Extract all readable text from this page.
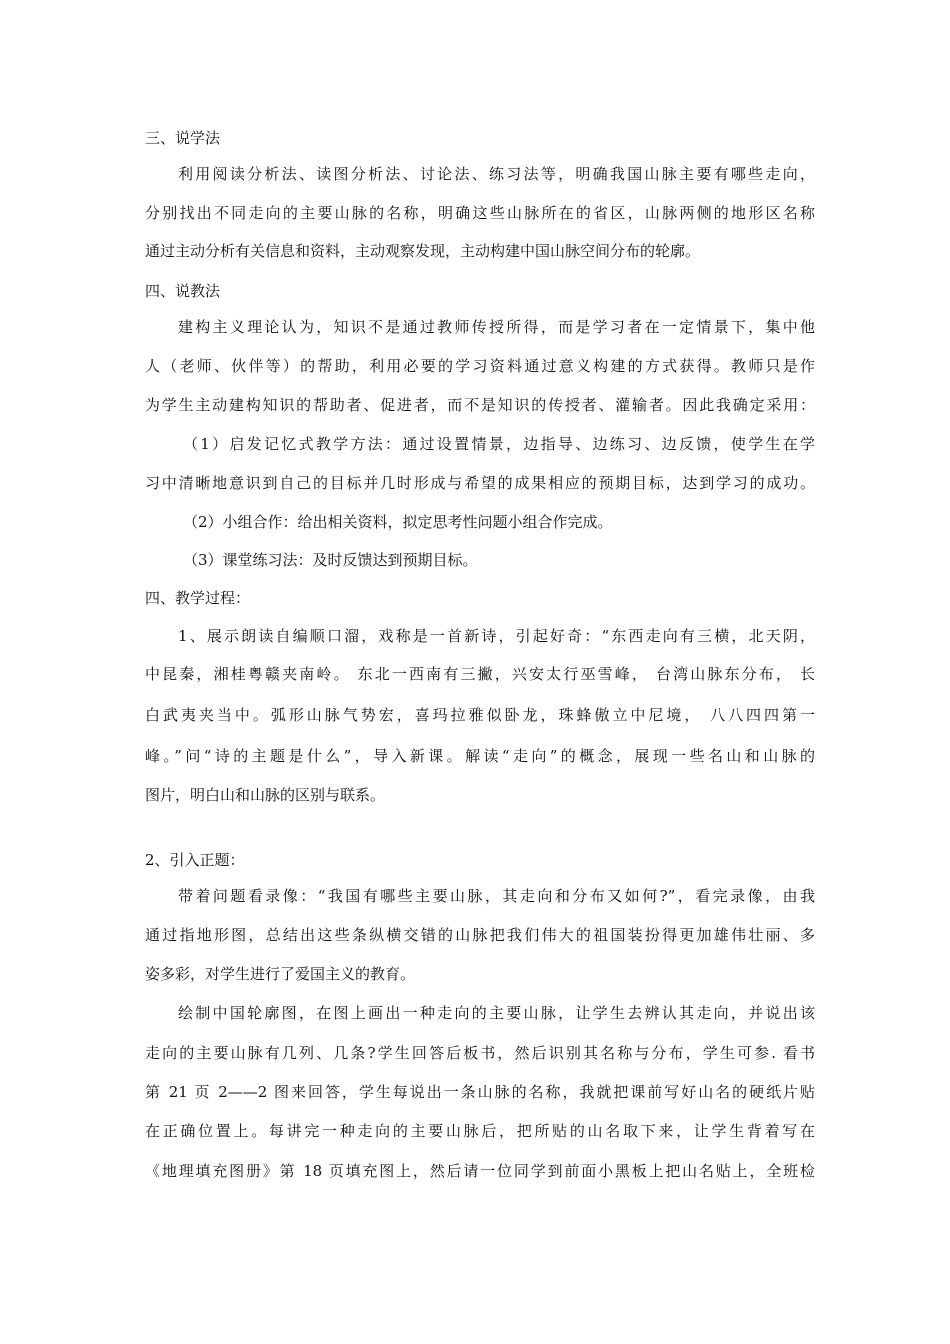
三、说学法
利用阅读分析法、读图分析法、讨论法、练习法等，明确我国山脉主要有哪些走向，
分别找出不同走向的主要山脉的名称，明确这些山脉所在的省区，山脉两侧的地形区名称
通过主动分析有关信息和资料，主动观察发现，主动构建中国山脉空间分布的轮廓。
四、说教法
建构主义理论认为，知识不是通过教师传授所得，而是学习者在一定情景下，集中他
人（老师、伙伴等）的帮助，利用必要的学习资料通过意义构建的方式获得。教师只是作
为学生主动建构知识的帮助者、促进者，而不是知识的传授者、灌输者。因此我确定采用：
（1）启发记忆式教学方法：通过设置情景，边指导、边练习、边反馈，使学生在学
习中清晰地意识到自己的目标并几时形成与希望的成果相应的预期目标，达到学习的成功。
（2）小组合作：给出相关资料，拟定思考性问题小组合作完成。
（3）课堂练习法：及时反馈达到预期目标。
四、教学过程：
1、展示朗读自编顺口溜，戏称是一首新诗，引起好奇：“东西走向有三横，北天阴，
中昆秦，湘桂粤赣夹南岭。 东北一西南有三撇，兴安太行巫雪峰， 台湾山脉东分布， 长
白武夷夹当中。弧形山脉气势宏，喜玛拉雅似卧龙，珠蜂傲立中尼境， 八八四四第一
峰。”问“诗的主题是什么”，导入新课。解读“走向”的概念，展现一些名山和山脉的
图片，明白山和山脉的区别与联系。
2、引入正题：
带着问题看录像：“我国有哪些主要山脉，其走向和分布又如何?”，看完录像，由我
通过指地形图，总结出这些条纵横交错的山脉把我们伟大的祖国装扮得更加雄伟壮丽、多
姿多彩，对学生进行了爱国主义的教育。
绘制中国轮廓图，在图上画出一种走向的主要山脉，让学生去辨认其走向，并说出该
走向的主要山脉有几列、几条?学生回答后板书，然后识别其名称与分布，学生可参. 看书
第 21 页 2——2 图来回答，学生每说出一条山脉的名称，我就把课前写好山名的硬纸片贴
在正确位置上。每讲完一种走向的主要山脉后，把所贴的山名取下来，让学生背着写在
《地理填充图册》第 18 页填充图上，然后请一位同学到前面小黑板上把山名贴上，全班检
